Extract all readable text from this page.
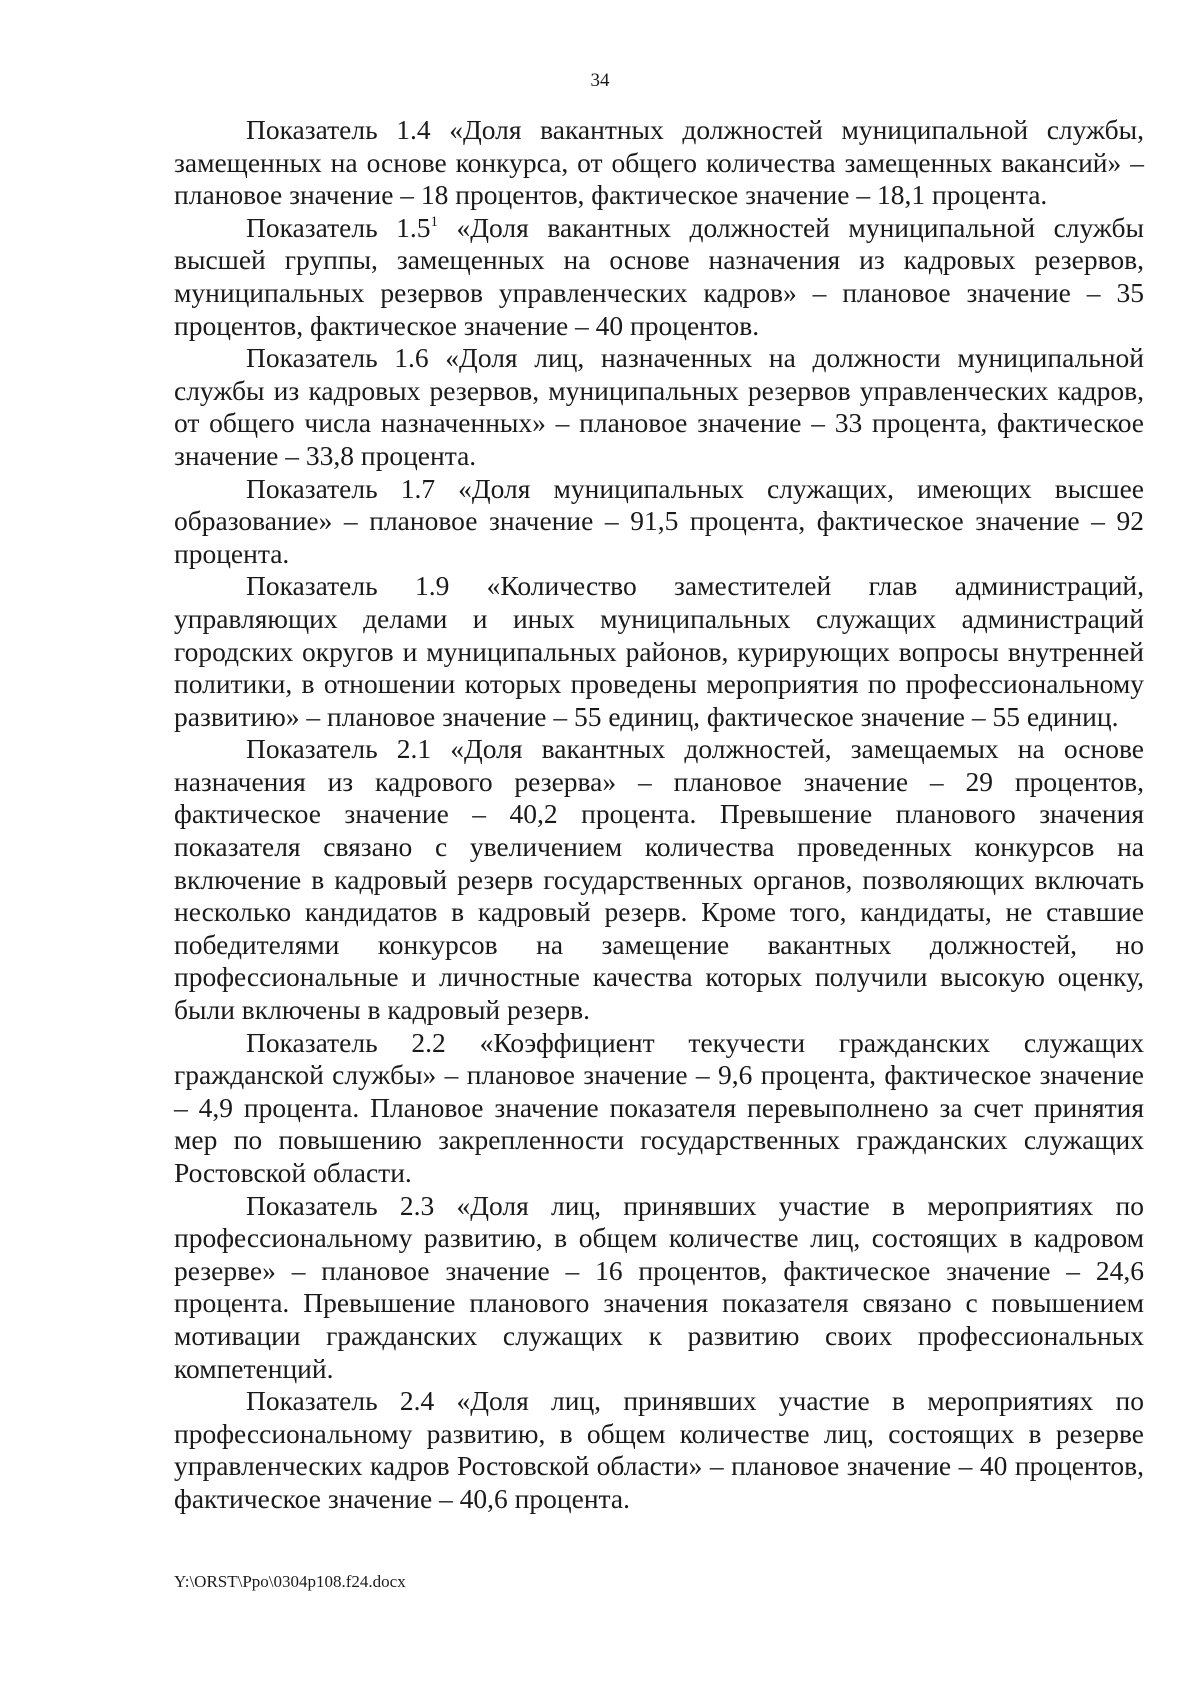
34

Показатель 1.4 «Доля вакантных должностей муниципальной службы, замещенных на основе конкурса, от общего количества замещенных вакансий» – плановое значение – 18 процентов, фактическое значение – 18,1 процента.

Показатель $1.5^1$ «Доля вакантных должностей муниципальной службы высшей группы, замещенных на основе назначения из кадровых резервов, муниципальных резервов управленческих кадров» – плановое значение – 35 процентов, фактическое значение – 40 процентов.

Показатель 1.6 «Доля лиц, назначенных на должности муниципальной службы из кадровых резервов, муниципальных резервов управленческих кадров, от общего числа назначенных» – плановое значение – 33 процента, фактическое значение – 33,8 процента.

Показатель 1.7 «Доля муниципальных служащих, имеющих высшее образование» – плановое значение – 91,5 процента, фактическое значение – 92 процента.

Показатель 1.9 «Количество заместителей глав администраций, управляющих делами и иных муниципальных служащих администраций городских округов и муниципальных районов, курирующих вопросы внутренней политики, в отношении которых проведены мероприятия по профессиональному развитию» – плановое значение – 55 единиц, фактическое значение – 55 единиц.

Показатель 2.1 «Доля вакантных должностей, замещаемых на основе назначения из кадрового резерва» – плановое значение – 29 процентов, фактическое значение – 40,2 процента. Превышение планового значения показателя связано с увеличением количества проведенных конкурсов на включение в кадровый резерв государственных органов, позволяющих включать несколько кандидатов в кадровый резерв. Кроме того, кандидаты, не ставшие победителями конкурсов на замещение вакантных должностей, но профессиональные и личностные качества которых получили высокую оценку, были включены в кадровый резерв.

Показатель 2.2 «Коэффициент текучести гражданских служащих гражданской службы» – плановое значение – 9,6 процента, фактическое значение – 4,9 процента. Плановое значение показателя перевыполнено за счет принятия мер по повышению закрепленности государственных гражданских служащих Ростовской области.

Показатель 2.3 «Доля лиц, принявших участие в мероприятиях по профессиональному развитию, в общем количестве лиц, состоящих в кадровом резерве» – плановое значение – 16 процентов, фактическое значение – 24,6 процента. Превышение планового значения показателя связано с повышением мотивации гражданских служащих к развитию своих профессиональных компетенций.

Показатель 2.4 «Доля лиц, принявших участие в мероприятиях по профессиональному развитию, в общем количестве лиц, состоящих в резерве управленческих кадров Ростовской области» – плановое значение – 40 процентов, фактическое значение – 40,6 процента.

Y:\ORST\Ppo\0304p108.f24.docx
